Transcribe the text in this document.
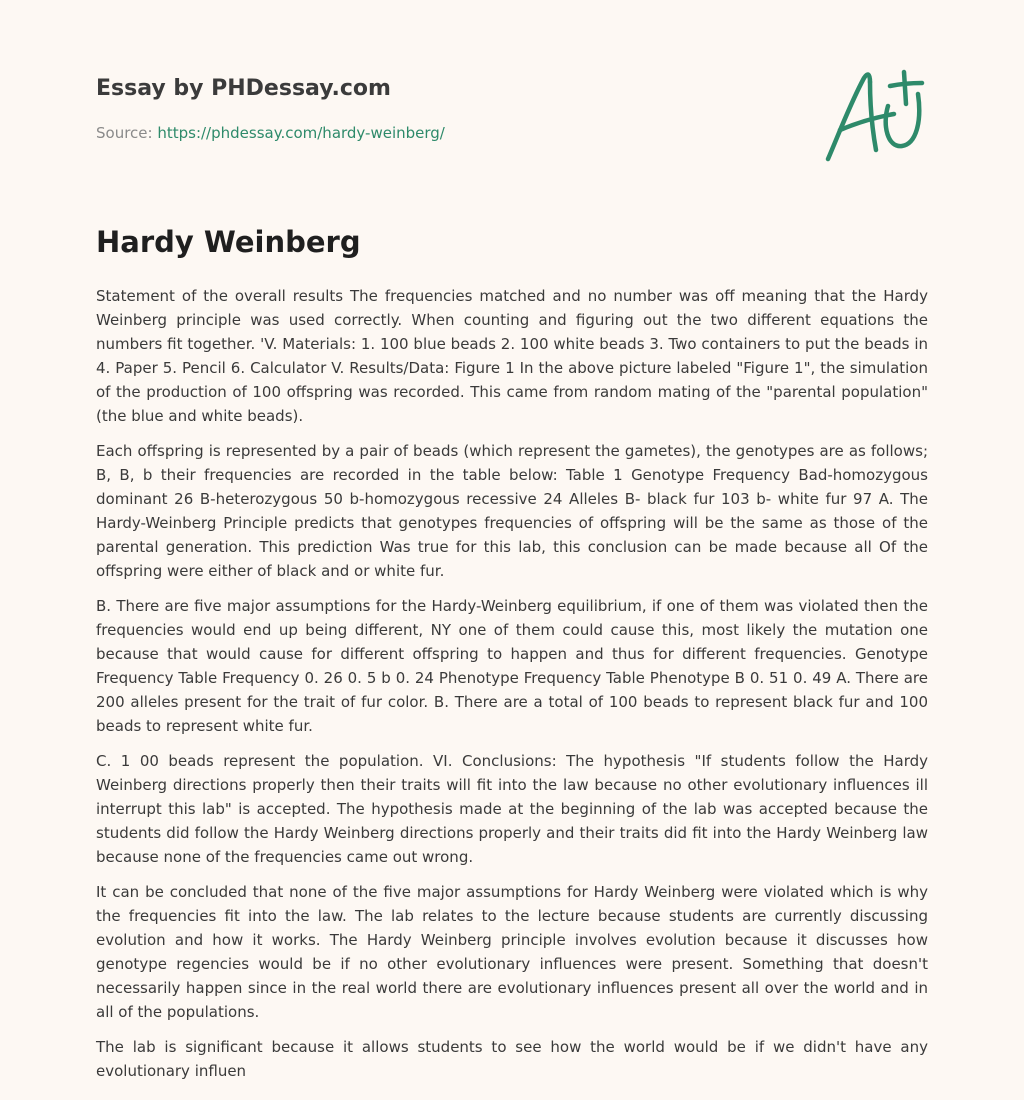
Essay by PHDessay.com
Source: https://phdessay.com/hardy-weinberg/
Hardy Weinberg

Statement of the overall results The frequencies matched and no number was off meaning that the Hardy Weinberg principle was used correctly. When counting and figuring out the two different equations the numbers fit together. 'V. Materials: 1. 100 blue beads 2. 100 white beads 3. Two containers to put the beads in 4. Paper 5. Pencil 6. Calculator V. Results/Data: Figure 1 In the above picture labeled "Figure 1", the simulation of the production of 100 offspring was recorded. This came from random mating of the "parental population" (the blue and white beads).

Each offspring is represented by a pair of beads (which represent the gametes), the genotypes are as follows; B, B, b their frequencies are recorded in the table below: Table 1 Genotype Frequency Bad-homozygous dominant 26 B-heterozygous 50 b-homozygous recessive 24 Alleles B- black fur 103 b- white fur 97 A. The Hardy-Weinberg Principle predicts that genotypes frequencies of offspring will be the same as those of the parental generation. This prediction Was true for this lab, this conclusion can be made because all Of the offspring were either of black and or white fur.

B. There are five major assumptions for the Hardy-Weinberg equilibrium, if one of them was violated then the frequencies would end up being different, NY one of them could cause this, most likely the mutation one because that would cause for different offspring to happen and thus for different frequencies. Genotype Frequency Table Frequency 0. 26 0. 5 b 0. 24 Phenotype Frequency Table Phenotype B 0. 51 0. 49 A. There are 200 alleles present for the trait of fur color. B. There are a total of 100 beads to represent black fur and 100 beads to represent white fur.

C. 1 00 beads represent the population. VI. Conclusions: The hypothesis "If students follow the Hardy Weinberg directions properly then their traits will fit into the law because no other evolutionary influences ill interrupt this lab" is accepted. The hypothesis made at the beginning of the lab was accepted because the students did follow the Hardy Weinberg directions properly and their traits did fit into the Hardy Weinberg law because none of the frequencies came out wrong.

It can be concluded that none of the five major assumptions for Hardy Weinberg were violated which is why the frequencies fit into the law. The lab relates to the lecture because students are currently discussing evolution and how it works. The Hardy Weinberg principle involves evolution because it discusses how genotype regencies would be if no other evolutionary influences were present. Something that doesn't necessarily happen since in the real world there are evolutionary influences present all over the world and in all of the populations.

The lab is significant because it allows students to see how the world would be if we didn't have any evolutionary influen
